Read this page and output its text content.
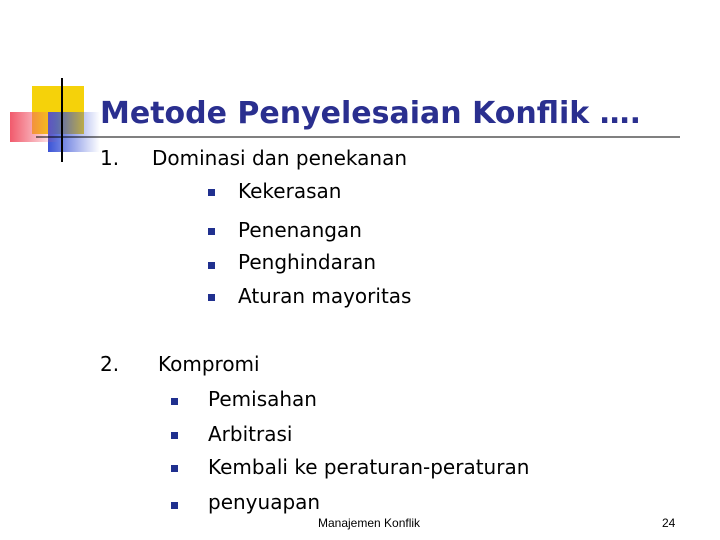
Metode Penyelesaian Konflik ….
1. Dominasi dan penekanan
Kekerasan
Penenangan
Penghindaran
Aturan mayoritas
2. Kompromi
Pemisahan
Arbitrasi
Kembali ke peraturan-peraturan
penyuapan
Manajemen Konflik	24
